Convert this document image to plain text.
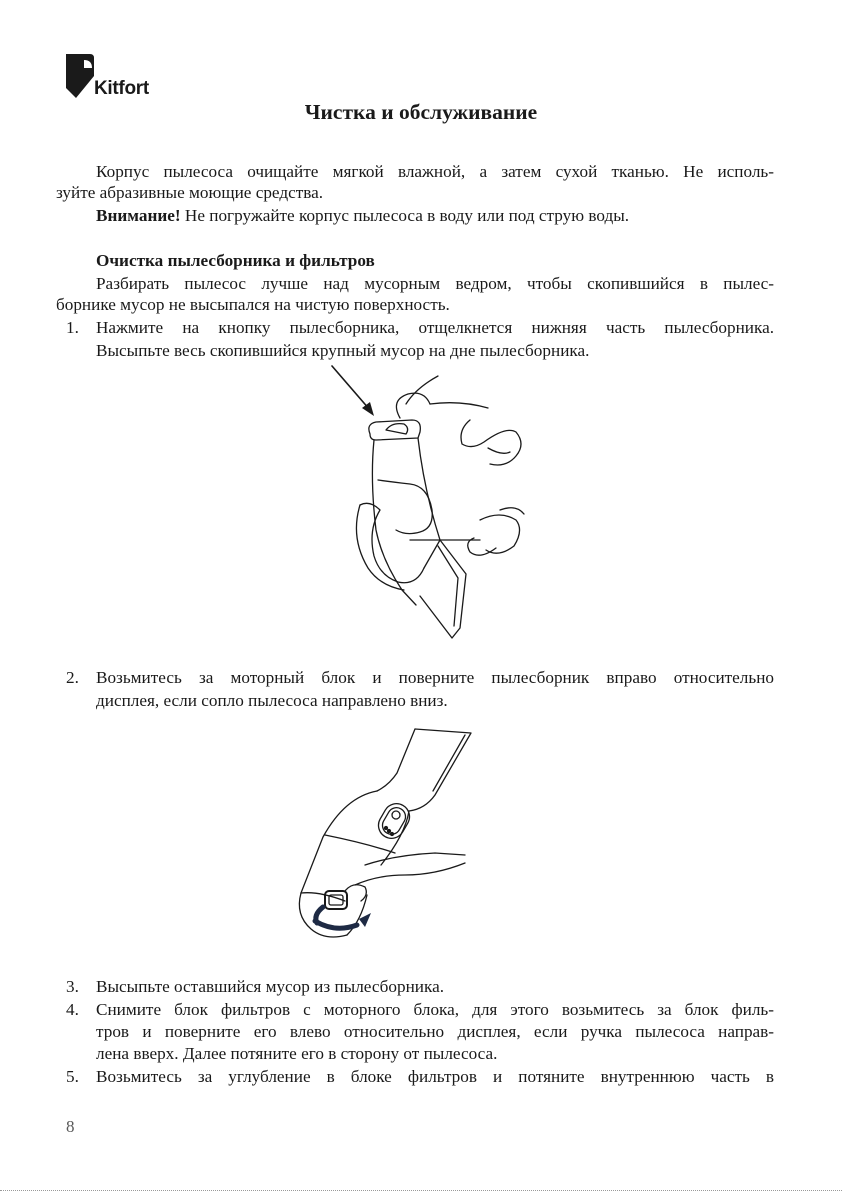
Kitfort
Чистка и обслуживание
Корпус пылесоса очищайте мягкой влажной, а затем сухой тканью. Не исполь-
зуйте абразивные моющие средства.
Внимание! Не погружайте корпус пылесоса в воду или под струю воды.
Очистка пылесборника и фильтров
Разбирать пылесос лучше над мусорным ведром, чтобы скопившийся в пылес-
борнике мусор не высыпался на чистую поверхность.
1. Нажмите на кнопку пылесборника, отщелкнется нижняя часть пылесборника.
Высыпьте весь скопившийся крупный мусор на дне пылесборника.
2. Возьмитесь за моторный блок и поверните пылесборник вправо относительно
дисплея, если сопло пылесоса направлено вниз.
3. Высыпьте оставшийся мусор из пылесборника.
4. Снимите блок фильтров с моторного блока, для этого возьмитесь за блок филь-
тров и поверните его влево относительно дисплея, если ручка пылесоса направ-
лена вверх. Далее потяните его в сторону от пылесоса.
5. Возьмитесь за углубление в блоке фильтров и потяните внутреннюю часть в
8
